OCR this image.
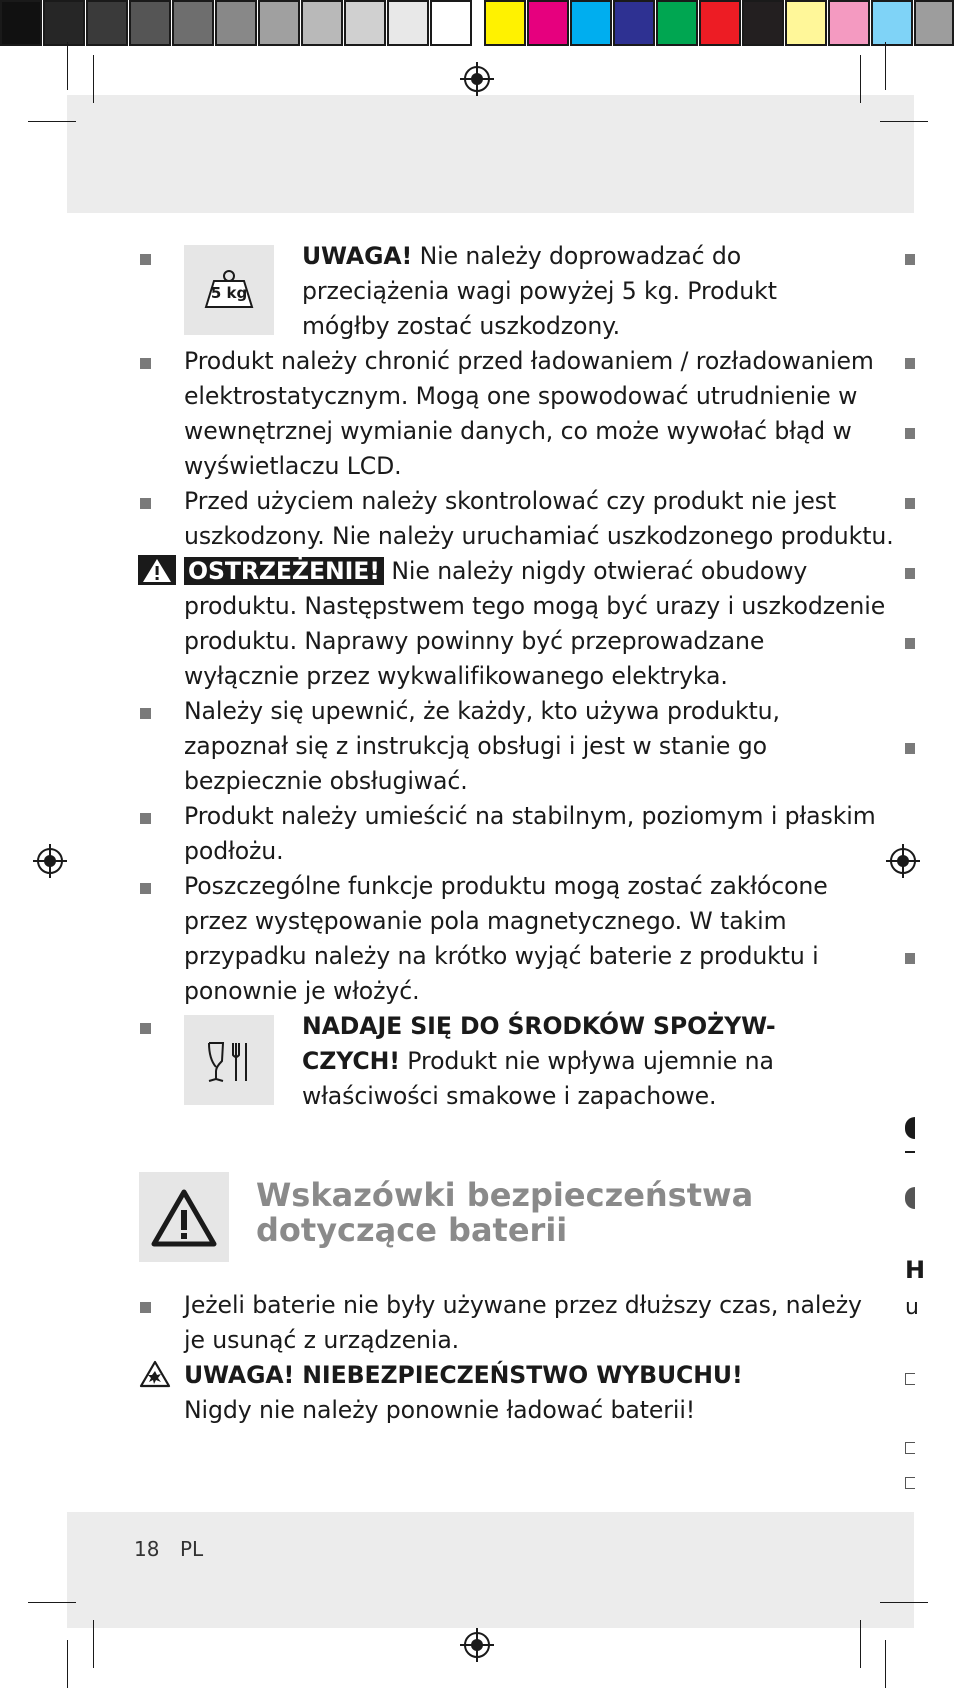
5 kg
UWAGA! Nie należy doprowadzać do
przeciążenia wagi powyżej 5 kg. Produkt
mógłby zostać uszkodzony.
Produkt należy chronić przed ładowaniem / rozładowaniem
elektrostatycznym. Mogą one spowodować utrudnienie w
wewnętrznej wymianie danych, co może wywołać błąd w
wyświetlaczu LCD.
Przed użyciem należy skontrolować czy produkt nie jest
uszkodzony. Nie należy uruchamiać uszkodzonego produktu.
OSTRZEŻENIE! Nie należy nigdy otwierać obudowy
produktu. Następstwem tego mogą być urazy i uszkodzenie
produktu. Naprawy powinny być przeprowadzane
wyłącznie przez wykwalifikowanego elektryka.
Należy się upewnić, że każdy, kto używa produktu,
zapoznał się z instrukcją obsługi i jest w stanie go
bezpiecznie obsługiwać.
Produkt należy umieścić na stabilnym, poziomym i płaskim
podłożu.
Poszczególne funkcje produktu mogą zostać zakłócone
przez występowanie pola magnetycznego. W takim
przypadku należy na krótko wyjąć baterie z produktu i
ponownie je włożyć.
NADAJE SIĘ DO ŚRODKÓW SPOŻYW-
CZYCH! Produkt nie wpływa ujemnie na
właściwości smakowe i zapachowe.
Wskazówki bezpieczeństwa
dotyczące baterii
Jeżeli baterie nie były używane przez dłuższy czas, należy
je usunąć z urządzenia.
UWAGA! NIEBEZPIECZEŃSTWO WYBUCHU!
Nigdy nie należy ponownie ładować baterii!
18 PL
H
u
